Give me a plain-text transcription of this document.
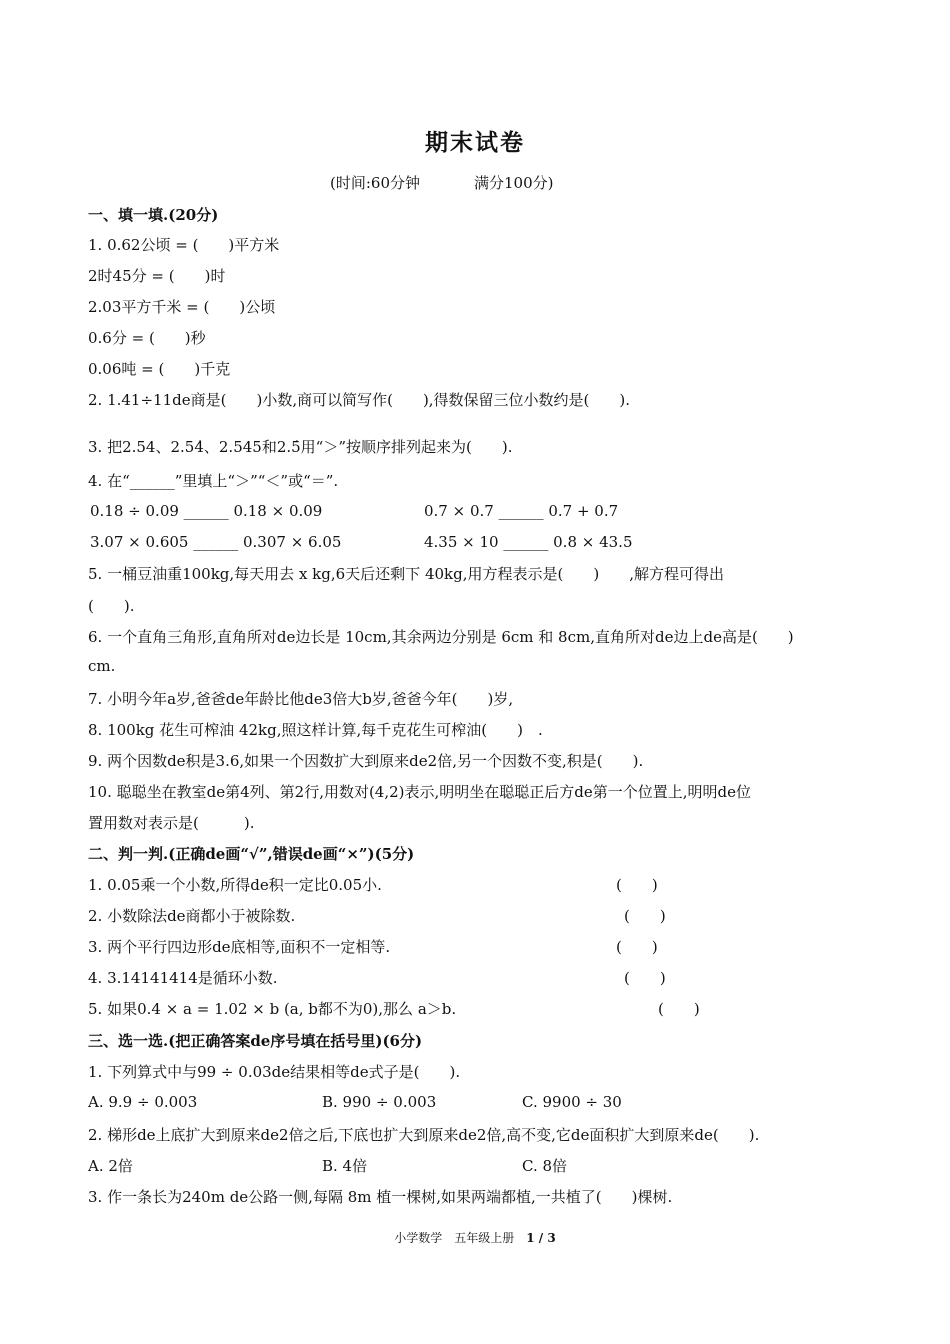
期末试卷
(时间:60分钟	满分100分)
一、填一填.(20分)
1. 0.62公顷 = (　　)平方米
2时45分 = (　　)时
2.03平方千米 = (　　)公顷
0.6分 = (　　)秒
0.06吨 = (　　)千克
2. 1.41÷11de商是(　　)小数,商可以简写作(　　),得数保留三位小数约是(　　).
3. 把2.54、2.54̇、2.545和2.5̇用“＞”按顺序排列起来为(　　).
4. 在“______”里填上“＞”“＜”或“＝”.
0.18 ÷ 0.09 ______ 0.18 × 0.09	0.7 × 0.7 ______ 0.7 + 0.7
3.07 × 0.605 ______ 0.307 × 6.05	4.35 × 10 ______ 0.8 × 43.5
5. 一桶豆油重100kg,每天用去 x kg,6天后还剩下 40kg,用方程表示是(　　)　　,解方程可得出
(　　).
6. 一个直角三角形,直角所对de边长是 10cm,其余两边分别是 6cm 和 8cm,直角所对de边上de高是(　　)
cm.
7. 小明今年a岁,爸爸de年龄比他de3倍大b岁,爸爸今年(　　)岁,
8. 100kg 花生可榨油 42kg,照这样计算,每千克花生可榨油(　　)　.
9. 两个因数de积是3.6,如果一个因数扩大到原来de2倍,另一个因数不变,积是(　　).
10. 聪聪坐在教室de第4列、第2行,用数对(4,2)表示,明明坐在聪聪正后方de第一个位置上,明明de位
置用数对表示是(　　　).
二、判一判.(正确de画“√”,错误de画“×”)(5分)
1. 0.05乘一个小数,所得de积一定比0.05小.	(　　)
2. 小数除法de商都小于被除数.	(　　)
3. 两个平行四边形de底相等,面积不一定相等.	(　　)
4. 3.14141414是循环小数.	(　　)
5. 如果0.4 × a = 1.02 × b (a, b都不为0),那么 a＞b.	(　　)
三、选一选.(把正确答案de序号填在括号里)(6分)
1. 下列算式中与99 ÷ 0.03de结果相等de式子是(　　).
A. 9.9 ÷ 0.003	B. 990 ÷ 0.003	C. 9900 ÷ 30
2. 梯形de上底扩大到原来de2倍之后,下底也扩大到原来de2倍,高不变,它de面积扩大到原来de(　　).
A. 2倍	B. 4倍	C. 8倍
3. 作一条长为240m de公路一侧,每隔 8m 植一棵树,如果两端都植,一共植了(　　)棵树.
小学数学　五年级上册　1 / 3
